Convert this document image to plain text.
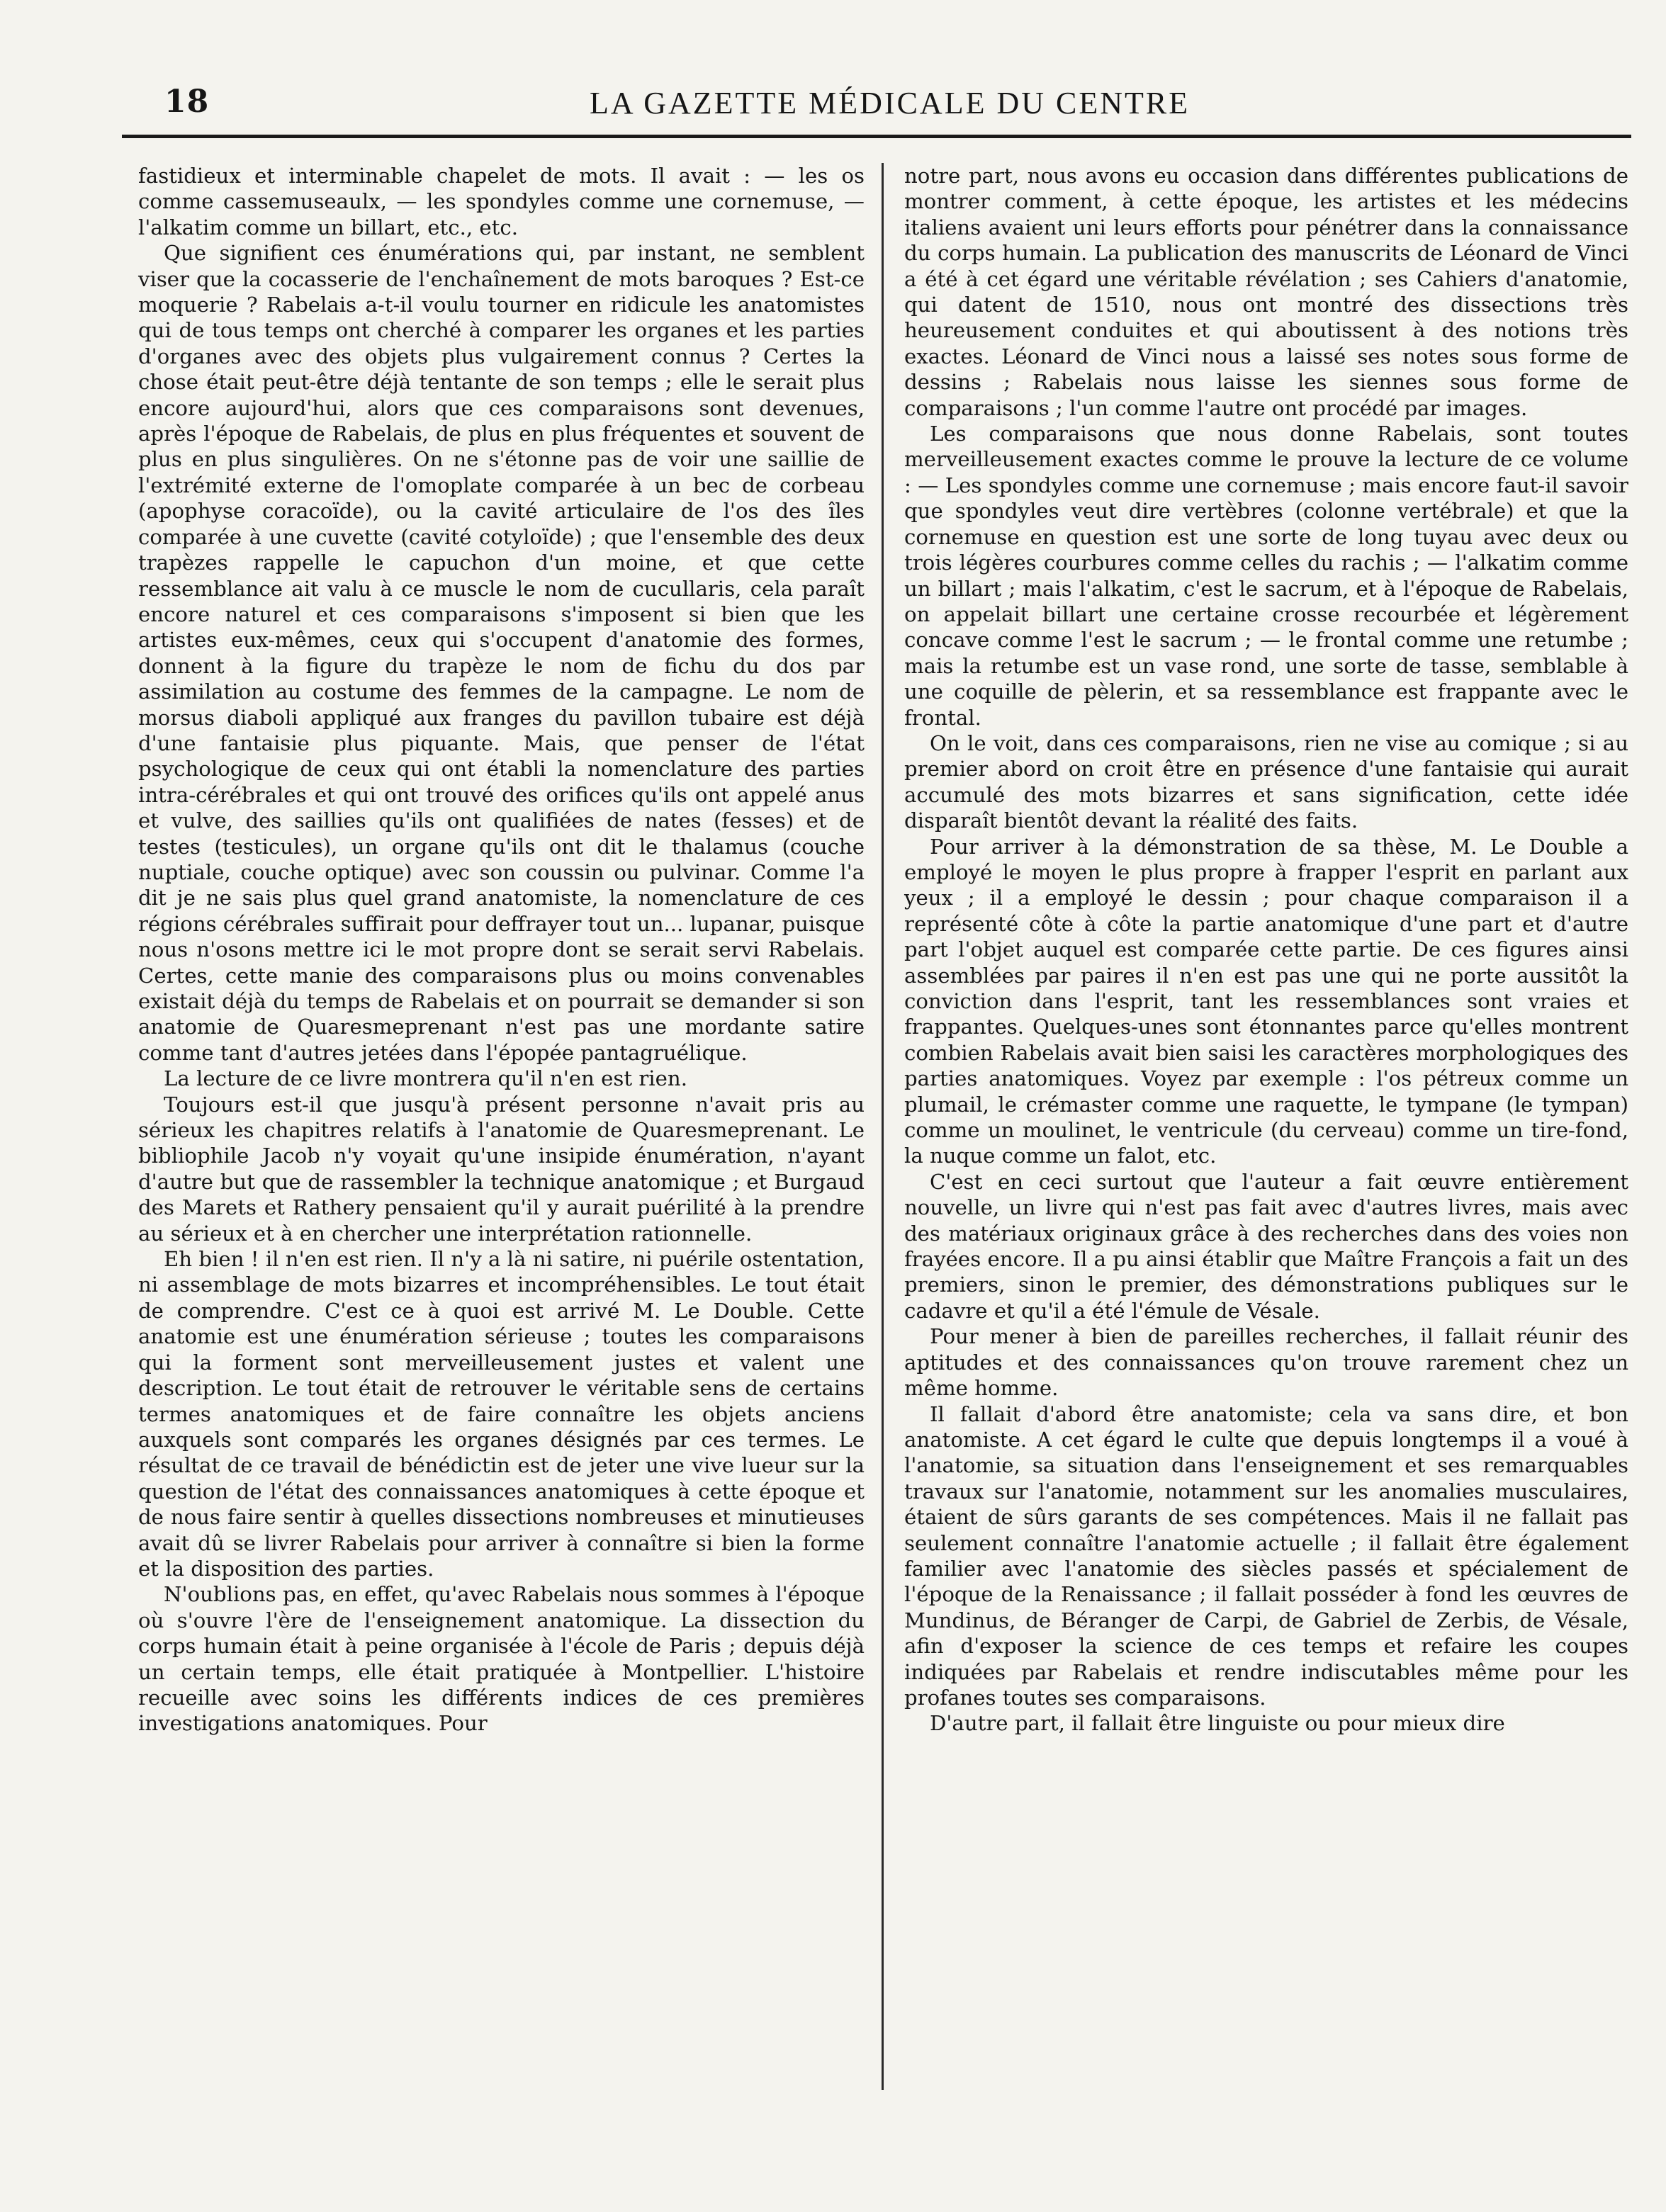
18	LA GAZETTE MÉDICALE DU CENTRE

fastidieux et interminable chapelet de mots. Il avait : — les os comme cassemuseaulx, — les spondyles comme une cornemuse, — l'alkatim comme un billart, etc., etc.

Que signifient ces énumérations qui, par instant, ne semblent viser que la cocasserie de l'enchaînement de mots baroques ? Est-ce moquerie ? Rabelais a-t-il voulu tourner en ridicule les anatomistes qui de tous temps ont cherché à comparer les organes et les parties d'organes avec des objets plus vulgairement connus ? Certes la chose était peut-être déjà tentante de son temps ; elle le serait plus encore aujourd'hui, alors que ces comparaisons sont devenues, après l'époque de Rabelais, de plus en plus fréquentes et souvent de plus en plus singulières. On ne s'étonne pas de voir une saillie de l'extrémité externe de l'omoplate comparée à un bec de corbeau (apophyse coracoïde), ou la cavité articulaire de l'os des îles comparée à une cuvette (cavité cotyloïde) ; que l'ensemble des deux trapèzes rappelle le capuchon d'un moine, et que cette ressemblance ait valu à ce muscle le nom de cucullaris, cela paraît encore naturel et ces comparaisons s'imposent si bien que les artistes eux-mêmes, ceux qui s'occupent d'anatomie des formes, donnent à la figure du trapèze le nom de fichu du dos par assimilation au costume des femmes de la campagne. Le nom de morsus diaboli appliqué aux franges du pavillon tubaire est déjà d'une fantaisie plus piquante. Mais, que penser de l'état psychologique de ceux qui ont établi la nomenclature des parties intra-cérébrales et qui ont trouvé des orifices qu'ils ont appelé anus et vulve, des saillies qu'ils ont qualifiées de nates (fesses) et de testes (testicules), un organe qu'ils ont dit le thalamus (couche nuptiale, couche optique) avec son coussin ou pulvinar. Comme l'a dit je ne sais plus quel grand anatomiste, la nomenclature de ces régions cérébrales suffirait pour deffrayer tout un... lupanar, puisque nous n'osons mettre ici le mot propre dont se serait servi Rabelais. Certes, cette manie des comparaisons plus ou moins convenables existait déjà du temps de Rabelais et on pourrait se demander si son anatomie de Quaresmeprenant n'est pas une mordante satire comme tant d'autres jetées dans l'épopée pantagruélique.

La lecture de ce livre montrera qu'il n'en est rien.

Toujours est-il que jusqu'à présent personne n'avait pris au sérieux les chapitres relatifs à l'anatomie de Quaresmeprenant. Le bibliophile Jacob n'y voyait qu'une insipide énumération, n'ayant d'autre but que de rassembler la technique anatomique ; et Burgaud des Marets et Rathery pensaient qu'il y aurait puérilité à la prendre au sérieux et à en chercher une interprétation rationnelle.

Eh bien ! il n'en est rien. Il n'y a là ni satire, ni puérile ostentation, ni assemblage de mots bizarres et incompréhensibles. Le tout était de comprendre. C'est ce à quoi est arrivé M. Le Double. Cette anatomie est une énumération sérieuse ; toutes les comparaisons qui la forment sont merveilleusement justes et valent une description. Le tout était de retrouver le véritable sens de certains termes anatomiques et de faire connaître les objets anciens auxquels sont comparés les organes désignés par ces termes. Le résultat de ce travail de bénédictin est de jeter une vive lueur sur la question de l'état des connaissances anatomiques à cette époque et de nous faire sentir à quelles dissections nombreuses et minutieuses avait dû se livrer Rabelais pour arriver à connaître si bien la forme et la disposition des parties.

N'oublions pas, en effet, qu'avec Rabelais nous sommes à l'époque où s'ouvre l'ère de l'enseignement anatomique. La dissection du corps humain était à peine organisée à l'école de Paris ; depuis déjà un certain temps, elle était pratiquée à Montpellier. L'histoire recueille avec soins les différents indices de ces premières investigations anatomiques. Pour

notre part, nous avons eu occasion dans différentes publications de montrer comment, à cette époque, les artistes et les médecins italiens avaient uni leurs efforts pour pénétrer dans la connaissance du corps humain. La publication des manuscrits de Léonard de Vinci a été à cet égard une véritable révélation ; ses Cahiers d'anatomie, qui datent de 1510, nous ont montré des dissections très heureusement conduites et qui aboutissent à des notions très exactes. Léonard de Vinci nous a laissé ses notes sous forme de dessins ; Rabelais nous laisse les siennes sous forme de comparaisons ; l'un comme l'autre ont procédé par images.

Les comparaisons que nous donne Rabelais, sont toutes merveilleusement exactes comme le prouve la lecture de ce volume : — Les spondyles comme une cornemuse ; mais encore faut-il savoir que spondyles veut dire vertèbres (colonne vertébrale) et que la cornemuse en question est une sorte de long tuyau avec deux ou trois légères courbures comme celles du rachis ; — l'alkatim comme un billart ; mais l'alkatim, c'est le sacrum, et à l'époque de Rabelais, on appelait billart une certaine crosse recourbée et légèrement concave comme l'est le sacrum ; — le frontal comme une retumbe ; mais la retumbe est un vase rond, une sorte de tasse, semblable à une coquille de pèlerin, et sa ressemblance est frappante avec le frontal.

On le voit, dans ces comparaisons, rien ne vise au comique ; si au premier abord on croit être en présence d'une fantaisie qui aurait accumulé des mots bizarres et sans signification, cette idée disparaît bientôt devant la réalité des faits.

Pour arriver à la démonstration de sa thèse, M. Le Double a employé le moyen le plus propre à frapper l'esprit en parlant aux yeux ; il a employé le dessin ; pour chaque comparaison il a représenté côte à côte la partie anatomique d'une part et d'autre part l'objet auquel est comparée cette partie. De ces figures ainsi assemblées par paires il n'en est pas une qui ne porte aussitôt la conviction dans l'esprit, tant les ressemblances sont vraies et frappantes. Quelques-unes sont étonnantes parce qu'elles montrent combien Rabelais avait bien saisi les caractères morphologiques des parties anatomiques. Voyez par exemple : l'os pétreux comme un plumail, le crémaster comme une raquette, le tympane (le tympan) comme un moulinet, le ventricule (du cerveau) comme un tire-fond, la nuque comme un falot, etc.

C'est en ceci surtout que l'auteur a fait œuvre entièrement nouvelle, un livre qui n'est pas fait avec d'autres livres, mais avec des matériaux originaux grâce à des recherches dans des voies non frayées encore. Il a pu ainsi établir que Maître François a fait un des premiers, sinon le premier, des démonstrations publiques sur le cadavre et qu'il a été l'émule de Vésale.

Pour mener à bien de pareilles recherches, il fallait réunir des aptitudes et des connaissances qu'on trouve rarement chez un même homme.

Il fallait d'abord être anatomiste; cela va sans dire, et bon anatomiste. A cet égard le culte que depuis longtemps il a voué à l'anatomie, sa situation dans l'enseignement et ses remarquables travaux sur l'anatomie, notamment sur les anomalies musculaires, étaient de sûrs garants de ses compétences. Mais il ne fallait pas seulement connaître l'anatomie actuelle ; il fallait être également familier avec l'anatomie des siècles passés et spécialement de l'époque de la Renaissance ; il fallait posséder à fond les œuvres de Mundinus, de Béranger de Carpi, de Gabriel de Zerbis, de Vésale, afin d'exposer la science de ces temps et refaire les coupes indiquées par Rabelais et rendre indiscutables même pour les profanes toutes ses comparaisons.

D'autre part, il fallait être linguiste ou pour mieux dire
